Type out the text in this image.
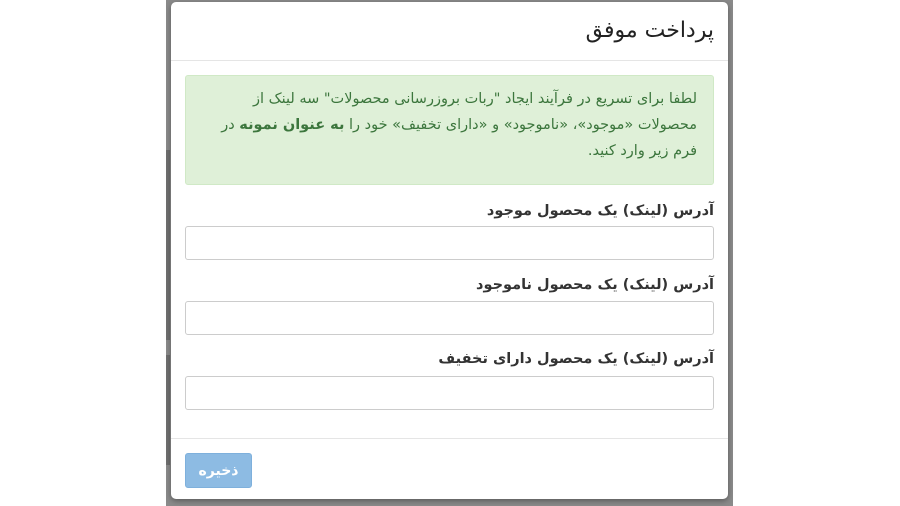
پرداخت موفق
لطفا برای تسریع در فرآیند ایجاد "ربات بروزرسانی محصولات" سه لینک از محصولات «موجود»، «ناموجود» و «دارای تخفیف» خود را به عنوان نمونه در فرم زیر وارد کنید.
آدرس (لینک) یک محصول موجود
آدرس (لینک) یک محصول ناموجود
آدرس (لینک) یک محصول دارای تخفیف
ذخیره
